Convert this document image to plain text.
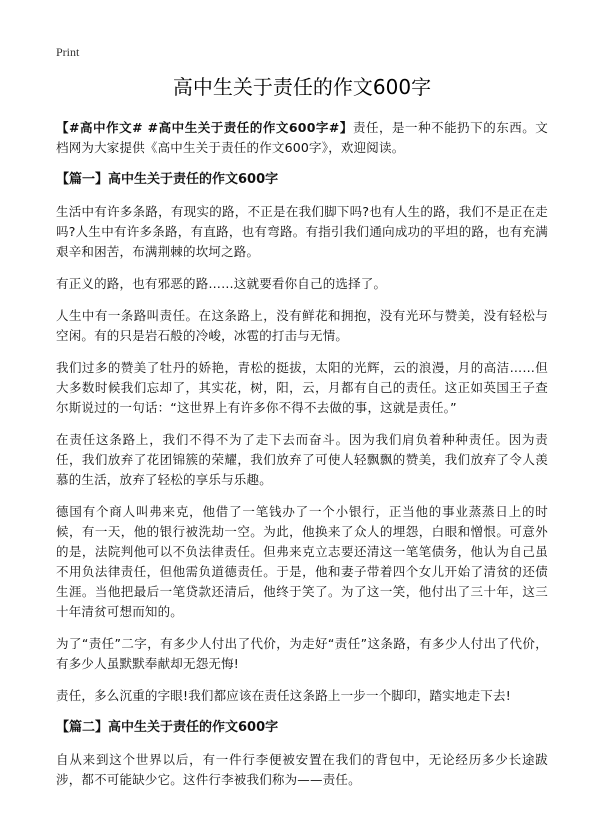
Print
高中生关于责任的作文600字

【#高中作文# #高中生关于责任的作文600字#】责任，是一种不能扔下的东西。文档网为大家提供《高中生关于责任的作文600字》，欢迎阅读。

【篇一】高中生关于责任的作文600字

生活中有许多条路，有现实的路，不正是在我们脚下吗?也有人生的路，我们不是正在走吗?人生中有许多条路，有直路，也有弯路。有指引我们通向成功的平坦的路，也有充满艰辛和困苦，布满荆棘的坎坷之路。

有正义的路，也有邪恶的路……这就要看你自己的选择了。

人生中有一条路叫责任。在这条路上，没有鲜花和拥抱，没有光环与赞美，没有轻松与空闲。有的只是岩石般的冷峻，冰雹的打击与无情。

我们过多的赞美了牡丹的娇艳，青松的挺拔，太阳的光辉，云的浪漫，月的高洁……但大多数时候我们忘却了，其实花，树，阳，云，月都有自己的责任。这正如英国王子查尔斯说过的一句话：“这世界上有许多你不得不去做的事，这就是责任。”

在责任这条路上，我们不得不为了走下去而奋斗。因为我们肩负着种种责任。因为责任，我们放弃了花团锦簇的荣耀，我们放弃了可使人轻飘飘的赞美，我们放弃了令人羡慕的生活，放弃了轻松的享乐与乐趣。

德国有个商人叫弗来克，他借了一笔钱办了一个小银行，正当他的事业蒸蒸日上的时候，有一天，他的银行被洗劫一空。为此，他换来了众人的埋怨，白眼和憎恨。可意外的是，法院判他可以不负法律责任。但弗来克立志要还清这一笔笔债务，他认为自己虽不用负法律责任，但他需负道德责任。于是，他和妻子带着四个女儿开始了清贫的还债生涯。当他把最后一笔贷款还清后，他终于笑了。为了这一笑，他付出了三十年，这三十年清贫可想而知的。

为了“责任”二字，有多少人付出了代价，为走好“责任”这条路，有多少人付出了代价，有多少人虽默默奉献却无怨无悔!

责任，多么沉重的字眼!我们都应该在责任这条路上一步一个脚印，踏实地走下去!

【篇二】高中生关于责任的作文600字

自从来到这个世界以后，有一件行李便被安置在我们的背包中，无论经历多少长途跋涉，都不可能缺少它。这件行李被我们称为——责任。
